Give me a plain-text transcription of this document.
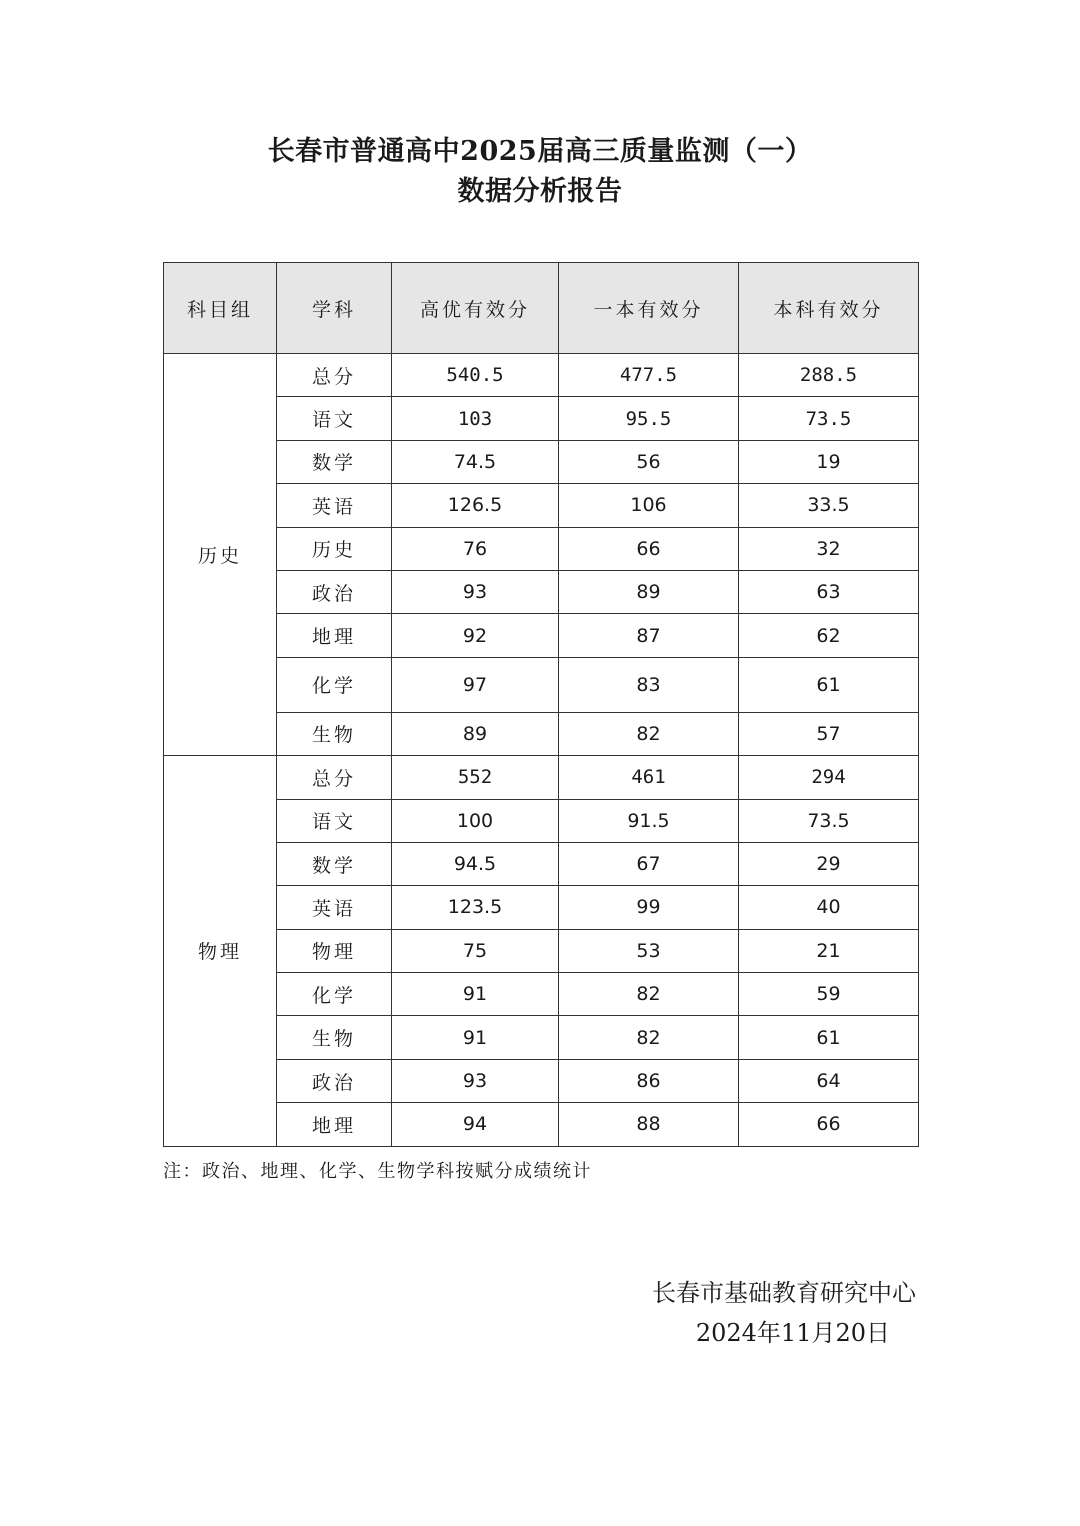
长春市普通高中2025届高三质量监测（一）
数据分析报告
科目组	学科	高优有效分	一本有效分	本科有效分
历史	总分	540.5	477.5	288.5
	语文	103	95.5	73.5
	数学	74.5	56	19
	英语	126.5	106	33.5
	历史	76	66	32
	政治	93	89	63
	地理	92	87	62
	化学	97	83	61
	生物	89	82	57
物理	总分	552	461	294
	语文	100	91.5	73.5
	数学	94.5	67	29
	英语	123.5	99	40
	物理	75	53	21
	化学	91	82	59
	生物	91	82	61
	政治	93	86	64
	地理	94	88	66
注：政治、地理、化学、生物学科按赋分成绩统计
长春市基础教育研究中心
2024年11月20日
